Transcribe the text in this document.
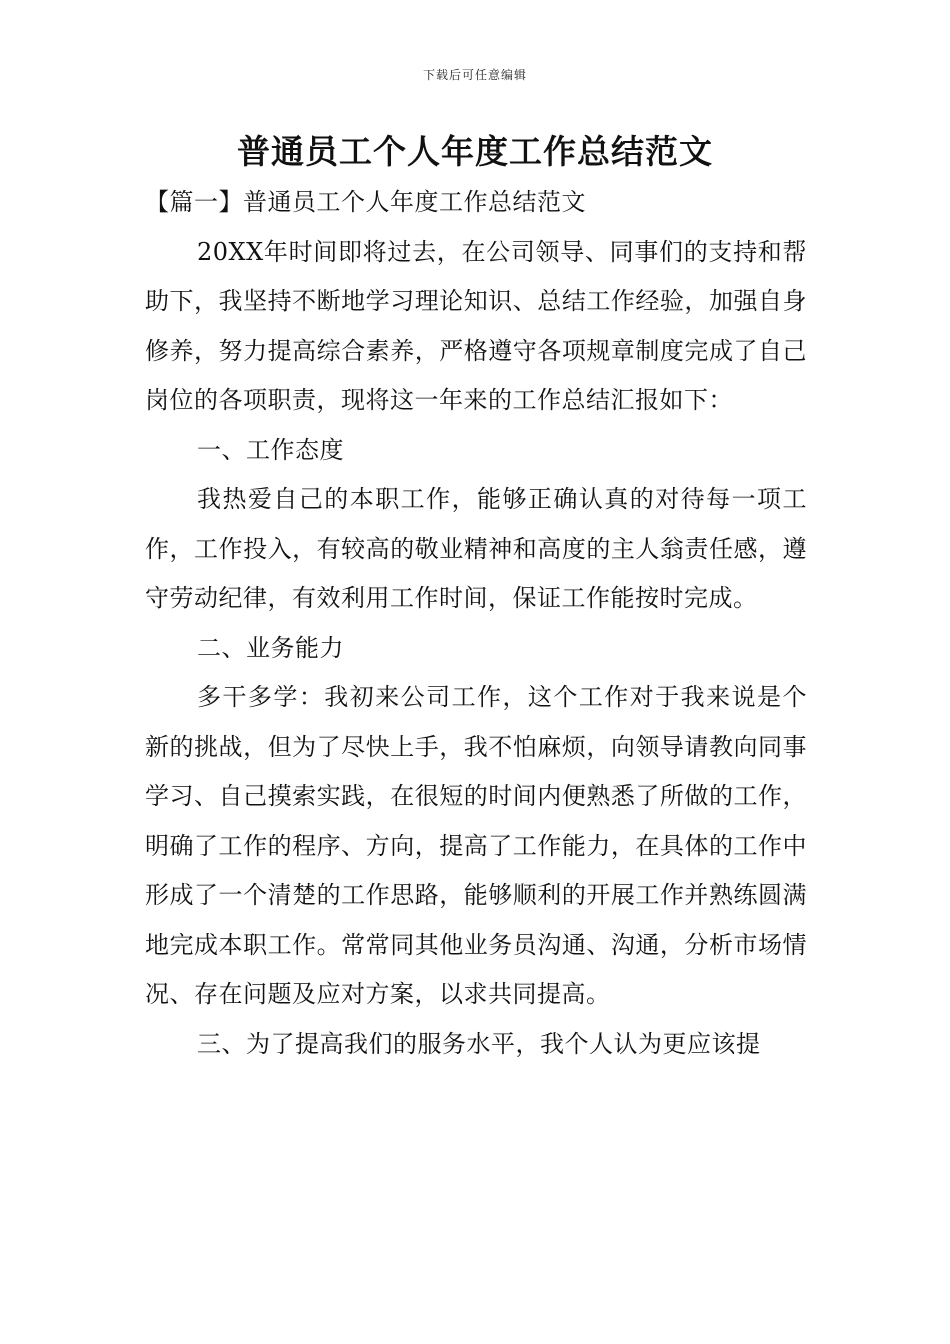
下载后可任意编辑
普通员工个人年度工作总结范文
【篇一】普通员工个人年度工作总结范文

20XX年时间即将过去，在公司领导、同事们的支持和帮助下，我坚持不断地学习理论知识、总结工作经验，加强自身修养，努力提高综合素养，严格遵守各项规章制度完成了自己岗位的各项职责，现将这一年来的工作总结汇报如下：

一、工作态度

我热爱自己的本职工作，能够正确认真的对待每一项工作，工作投入，有较高的敬业精神和高度的主人翁责任感，遵守劳动纪律，有效利用工作时间，保证工作能按时完成。

二、业务能力

多干多学：我初来公司工作，这个工作对于我来说是个新的挑战，但为了尽快上手，我不怕麻烦，向领导请教向同事学习、自己摸索实践，在很短的时间内便熟悉了所做的工作，明确了工作的程序、方向，提高了工作能力，在具体的工作中形成了一个清楚的工作思路，能够顺利的开展工作并熟练圆满地完成本职工作。常常同其他业务员沟通、沟通，分析市场情况、存在问题及应对方案，以求共同提高。

三、为了提高我们的服务水平，我个人认为更应该提
